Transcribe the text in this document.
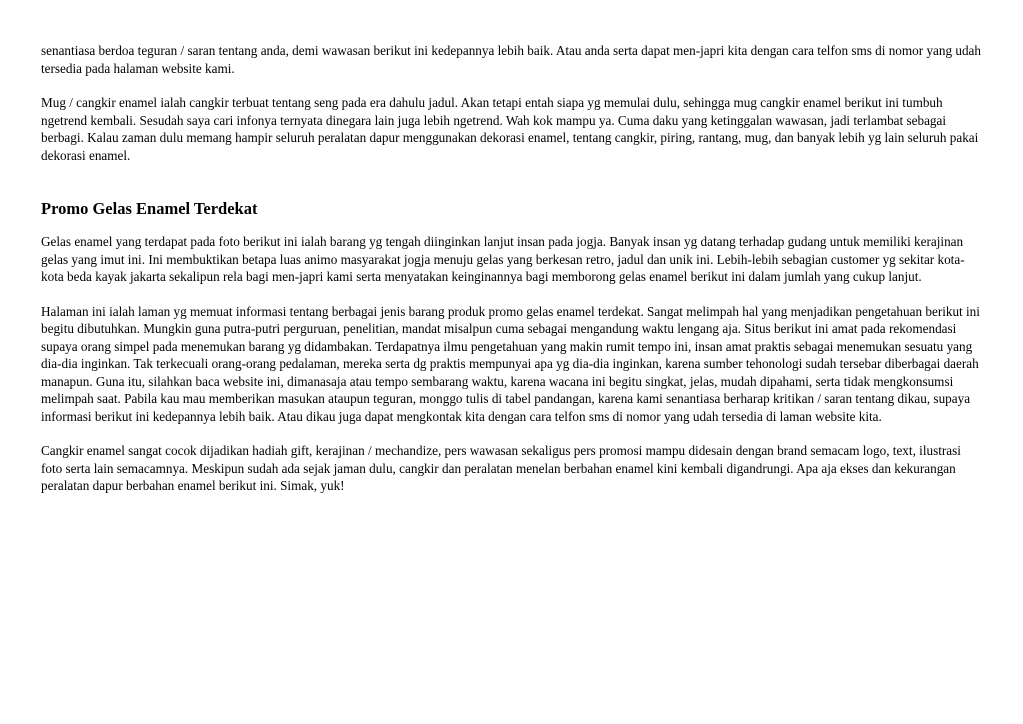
senantiasa berdoa teguran / saran tentang anda, demi wawasan berikut ini kedepannya lebih baik. Atau anda serta dapat men-japri kita dengan cara telfon sms di nomor yang udah tersedia pada halaman website kami.

Mug / cangkir enamel ialah cangkir terbuat tentang seng pada era dahulu jadul. Akan tetapi entah siapa yg memulai dulu, sehingga mug cangkir enamel berikut ini tumbuh ngetrend kembali. Sesudah saya cari infonya ternyata dinegara lain juga lebih ngetrend. Wah kok mampu ya. Cuma daku yang ketinggalan wawasan, jadi terlambat sebagai berbagi. Kalau zaman dulu memang hampir seluruh peralatan dapur menggunakan dekorasi enamel, tentang cangkir, piring, rantang, mug, dan banyak lebih yg lain seluruh pakai dekorasi enamel.

Promo Gelas Enamel Terdekat

Gelas enamel yang terdapat pada foto berikut ini ialah barang yg tengah diinginkan lanjut insan pada jogja. Banyak insan yg datang terhadap gudang untuk memiliki kerajinan gelas yang imut ini. Ini membuktikan betapa luas animo masyarakat jogja menuju gelas yang berkesan retro, jadul dan unik ini. Lebih-lebih sebagian customer yg sekitar kota-kota beda kayak jakarta sekalipun rela bagi men-japri kami serta menyatakan keinginannya bagi memborong gelas enamel berikut ini dalam jumlah yang cukup lanjut.

Halaman ini ialah laman yg memuat informasi tentang berbagai jenis barang produk promo gelas enamel terdekat. Sangat melimpah hal yang menjadikan pengetahuan berikut ini begitu dibutuhkan. Mungkin guna putra-putri perguruan, penelitian, mandat misalpun cuma sebagai mengandung waktu lengang aja. Situs berikut ini amat pada rekomendasi supaya orang simpel pada menemukan barang yg didambakan. Terdapatnya ilmu pengetahuan yang makin rumit tempo ini, insan amat praktis sebagai menemukan sesuatu yang dia-dia inginkan. Tak terkecuali orang-orang pedalaman, mereka serta dg praktis mempunyai apa yg dia-dia inginkan, karena sumber tehonologi sudah tersebar diberbagai daerah manapun. Guna itu, silahkan baca website ini, dimanasaja atau tempo sembarang waktu, karena wacana ini begitu singkat, jelas, mudah dipahami, serta tidak mengkonsumsi melimpah saat. Pabila kau mau memberikan masukan ataupun teguran, monggo tulis di tabel pandangan, karena kami senantiasa berharap kritikan / saran tentang dikau, supaya informasi berikut ini kedepannya lebih baik. Atau dikau juga dapat mengkontak kita dengan cara telfon sms di nomor yang udah tersedia di laman website kita.

Cangkir enamel sangat cocok dijadikan hadiah gift, kerajinan / mechandize, pers wawasan sekaligus pers promosi mampu didesain dengan brand semacam logo, text, ilustrasi foto serta lain semacamnya. Meskipun sudah ada sejak jaman dulu, cangkir dan peralatan menelan berbahan enamel kini kembali digandrungi. Apa aja ekses dan kekurangan peralatan dapur berbahan enamel berikut ini. Simak, yuk!
